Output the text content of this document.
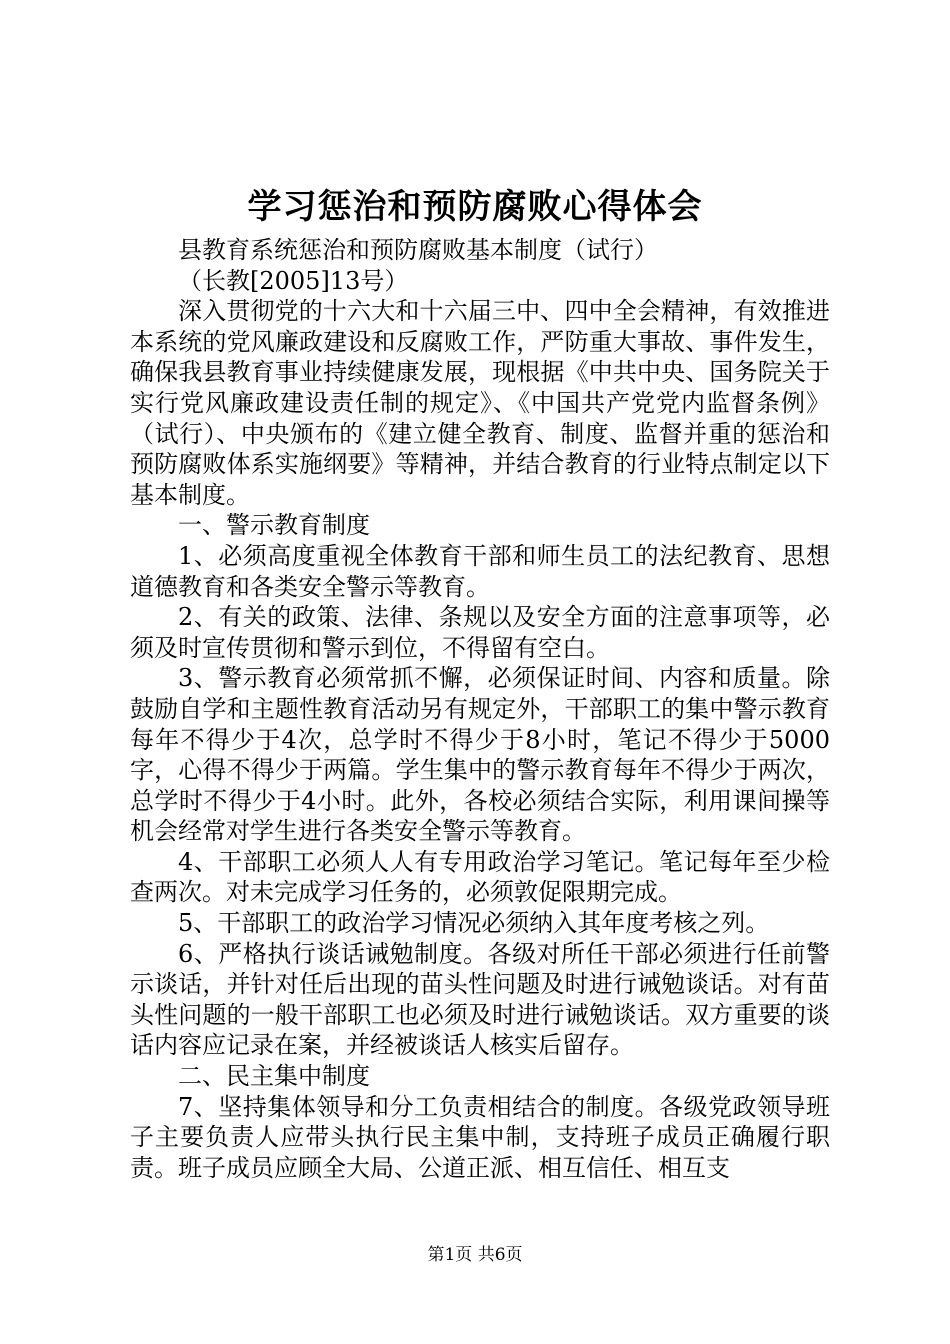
学习惩治和预防腐败心得体会

县教育系统惩治和预防腐败基本制度（试行）

（长教[2005]13号）

深入贯彻党的十六大和十六届三中、四中全会精神，有效推进本系统的党风廉政建设和反腐败工作，严防重大事故、事件发生，确保我县教育事业持续健康发展，现根据《中共中央、国务院关于实行党风廉政建设责任制的规定》、《中国共产党党内监督条例》（试行）、中央颁布的《建立健全教育、制度、监督并重的惩治和预防腐败体系实施纲要》等精神，并结合教育的行业特点制定以下基本制度。

一、警示教育制度

1、必须高度重视全体教育干部和师生员工的法纪教育、思想道德教育和各类安全警示等教育。

2、有关的政策、法律、条规以及安全方面的注意事项等，必须及时宣传贯彻和警示到位，不得留有空白。

3、警示教育必须常抓不懈，必须保证时间、内容和质量。除鼓励自学和主题性教育活动另有规定外，干部职工的集中警示教育每年不得少于4次，总学时不得少于8小时，笔记不得少于5000字，心得不得少于两篇。学生集中的警示教育每年不得少于两次，总学时不得少于4小时。此外，各校必须结合实际，利用课间操等机会经常对学生进行各类安全警示等教育。

4、干部职工必须人人有专用政治学习笔记。笔记每年至少检查两次。对未完成学习任务的，必须敦促限期完成。

5、干部职工的政治学习情况必须纳入其年度考核之列。

6、严格执行谈话诫勉制度。各级对所任干部必须进行任前警示谈话，并针对任后出现的苗头性问题及时进行诫勉谈话。对有苗头性问题的一般干部职工也必须及时进行诫勉谈话。双方重要的谈话内容应记录在案，并经被谈话人核实后留存。

二、民主集中制度

7、坚持集体领导和分工负责相结合的制度。各级党政领导班子主要负责人应带头执行民主集中制，支持班子成员正确履行职责。班子成员应顾全大局、公道正派、相互信任、相互支

第1页 共6页
